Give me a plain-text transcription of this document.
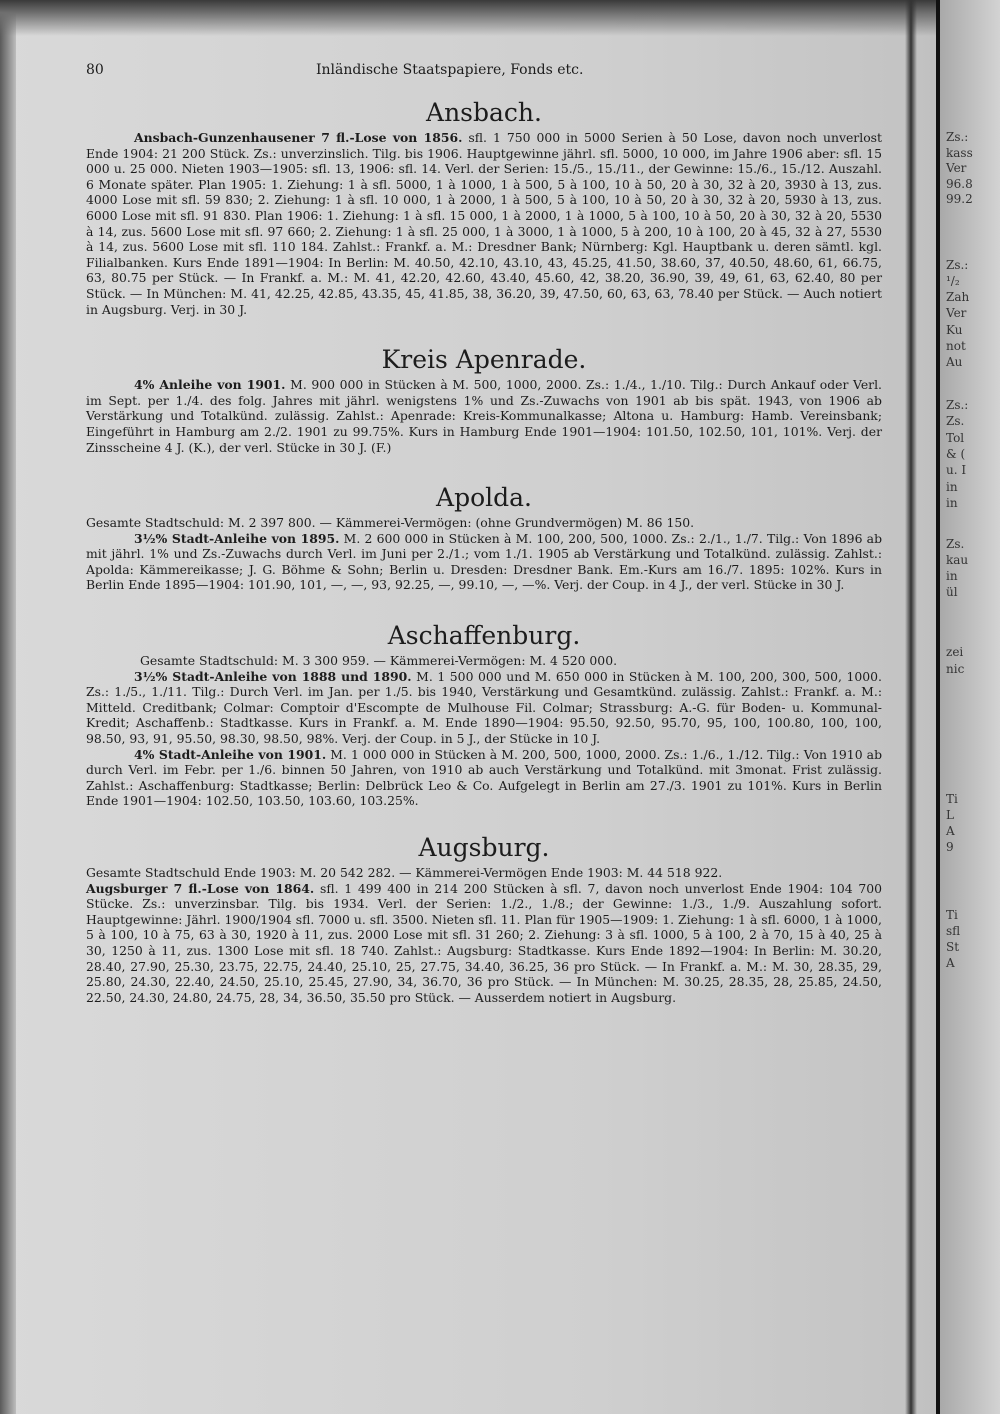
Zs.:
kass
Ver
96.8
99.2
Zs.:
¹/₂
Zah
Ver
Ku
not
Au
Zs.:
Zs.
Tol
& (
u. I
in
in
Zs.
kau
in
ül
zei
nic
Ti
L
A
9
Ti
sfl
St
A
80	Inländische Staatspapiere, Fonds etc.
Ansbach.

Ansbach-Gunzenhausener 7 fl.-Lose von 1856. sfl. 1 750 000 in 5000 Serien à 50 Lose, davon noch unverlost Ende 1904: 21 200 Stück. Zs.: unverzinslich. Tilg. bis 1906. Hauptgewinne jährl. sfl. 5000, 10 000, im Jahre 1906 aber: sfl. 15 000 u. 25 000. Nieten 1903—1905: sfl. 13, 1906: sfl. 14. Verl. der Serien: 15./5., 15./11., der Gewinne: 15./6., 15./12. Auszahl. 6 Monate später. Plan 1905: 1. Ziehung: 1 à sfl. 5000, 1 à 1000, 1 à 500, 5 à 100, 10 à 50, 20 à 30, 32 à 20, 3930 à 13, zus. 4000 Lose mit sfl. 59 830; 2. Ziehung: 1 à sfl. 10 000, 1 à 2000, 1 à 500, 5 à 100, 10 à 50, 20 à 30, 32 à 20, 5930 à 13, zus. 6000 Lose mit sfl. 91 830. Plan 1906: 1. Ziehung: 1 à sfl. 15 000, 1 à 2000, 1 à 1000, 5 à 100, 10 à 50, 20 à 30, 32 à 20, 5530 à 14, zus. 5600 Lose mit sfl. 97 660; 2. Ziehung: 1 à sfl. 25 000, 1 à 3000, 1 à 1000, 5 à 200, 10 à 100, 20 à 45, 32 à 27, 5530 à 14, zus. 5600 Lose mit sfl. 110 184. Zahlst.: Frankf. a. M.: Dresdner Bank; Nürnberg: Kgl. Hauptbank u. deren sämtl. kgl. Filialbanken. Kurs Ende 1891—1904: In Berlin: M. 40.50, 42.10, 43.10, 43, 45.25, 41.50, 38.60, 37, 40.50, 48.60, 61, 66.75, 63, 80.75 per Stück. — In Frankf. a. M.: M. 41, 42.20, 42.60, 43.40, 45.60, 42, 38.20, 36.90, 39, 49, 61, 63, 62.40, 80 per Stück. — In München: M. 41, 42.25, 42.85, 43.35, 45, 41.85, 38, 36.20, 39, 47.50, 60, 63, 63, 78.40 per Stück. — Auch notiert in Augsburg. Verj. in 30 J.

Kreis Apenrade.

4% Anleihe von 1901. M. 900 000 in Stücken à M. 500, 1000, 2000. Zs.: 1./4., 1./10. Tilg.: Durch Ankauf oder Verl. im Sept. per 1./4. des folg. Jahres mit jährl. wenigstens 1% und Zs.-Zuwachs von 1901 ab bis spät. 1943, von 1906 ab Verstärkung und Totalkünd. zulässig. Zahlst.: Apenrade: Kreis-Kommunalkasse; Altona u. Hamburg: Hamb. Vereinsbank; Eingeführt in Hamburg am 2./2. 1901 zu 99.75%. Kurs in Hamburg Ende 1901—1904: 101.50, 102.50, 101, 101%. Verj. der Zinsscheine 4 J. (K.), der verl. Stücke in 30 J. (F.)

Apolda.

Gesamte Stadtschuld: M. 2 397 800. — Kämmerei-Vermögen: (ohne Grundvermögen) M. 86 150.

3½% Stadt-Anleihe von 1895. M. 2 600 000 in Stücken à M. 100, 200, 500, 1000. Zs.: 2./1., 1./7. Tilg.: Von 1896 ab mit jährl. 1% und Zs.-Zuwachs durch Verl. im Juni per 2./1.; vom 1./1. 1905 ab Verstärkung und Totalkünd. zulässig. Zahlst.: Apolda: Kämmereikasse; J. G. Böhme & Sohn; Berlin u. Dresden: Dresdner Bank. Em.-Kurs am 16./7. 1895: 102%. Kurs in Berlin Ende 1895—1904: 101.90, 101, —, —, 93, 92.25, —, 99.10, —, —%. Verj. der Coup. in 4 J., der verl. Stücke in 30 J.

Aschaffenburg.

Gesamte Stadtschuld: M. 3 300 959. — Kämmerei-Vermögen: M. 4 520 000.

3½% Stadt-Anleihe von 1888 und 1890. M. 1 500 000 und M. 650 000 in Stücken à M. 100, 200, 300, 500, 1000. Zs.: 1./5., 1./11. Tilg.: Durch Verl. im Jan. per 1./5. bis 1940, Verstärkung und Gesamtkünd. zulässig. Zahlst.: Frankf. a. M.: Mitteld. Creditbank; Colmar: Comptoir d'Escompte de Mulhouse Fil. Colmar; Strassburg: A.-G. für Boden- u. Kommunal-Kredit; Aschaffenb.: Stadtkasse. Kurs in Frankf. a. M. Ende 1890—1904: 95.50, 92.50, 95.70, 95, 100, 100.80, 100, 100, 98.50, 93, 91, 95.50, 98.30, 98.50, 98%. Verj. der Coup. in 5 J., der Stücke in 10 J.

4% Stadt-Anleihe von 1901. M. 1 000 000 in Stücken à M. 200, 500, 1000, 2000. Zs.: 1./6., 1./12. Tilg.: Von 1910 ab durch Verl. im Febr. per 1./6. binnen 50 Jahren, von 1910 ab auch Verstärkung und Totalkünd. mit 3monat. Frist zulässig. Zahlst.: Aschaffenburg: Stadtkasse; Berlin: Delbrück Leo & Co. Aufgelegt in Berlin am 27./3. 1901 zu 101%. Kurs in Berlin Ende 1901—1904: 102.50, 103.50, 103.60, 103.25%.

Augsburg.

Gesamte Stadtschuld Ende 1903: M. 20 542 282. — Kämmerei-Vermögen Ende 1903: M. 44 518 922.

Augsburger 7 fl.-Lose von 1864. sfl. 1 499 400 in 214 200 Stücken à sfl. 7, davon noch unverlost Ende 1904: 104 700 Stücke. Zs.: unverzinsbar. Tilg. bis 1934. Verl. der Serien: 1./2., 1./8.; der Gewinne: 1./3., 1./9. Auszahlung sofort. Hauptgewinne: Jährl. 1900/1904 sfl. 7000 u. sfl. 3500. Nieten sfl. 11. Plan für 1905—1909: 1. Ziehung: 1 à sfl. 6000, 1 à 1000, 5 à 100, 10 à 75, 63 à 30, 1920 à 11, zus. 2000 Lose mit sfl. 31 260; 2. Ziehung: 3 à sfl. 1000, 5 à 100, 2 à 70, 15 à 40, 25 à 30, 1250 à 11, zus. 1300 Lose mit sfl. 18 740. Zahlst.: Augsburg: Stadtkasse. Kurs Ende 1892—1904: In Berlin: M. 30.20, 28.40, 27.90, 25.30, 23.75, 22.75, 24.40, 25.10, 25, 27.75, 34.40, 36.25, 36 pro Stück. — In Frankf. a. M.: M. 30, 28.35, 29, 25.80, 24.30, 22.40, 24.50, 25.10, 25.45, 27.90, 34, 36.70, 36 pro Stück. — In München: M. 30.25, 28.35, 28, 25.85, 24.50, 22.50, 24.30, 24.80, 24.75, 28, 34, 36.50, 35.50 pro Stück. — Ausserdem notiert in Augsburg.
